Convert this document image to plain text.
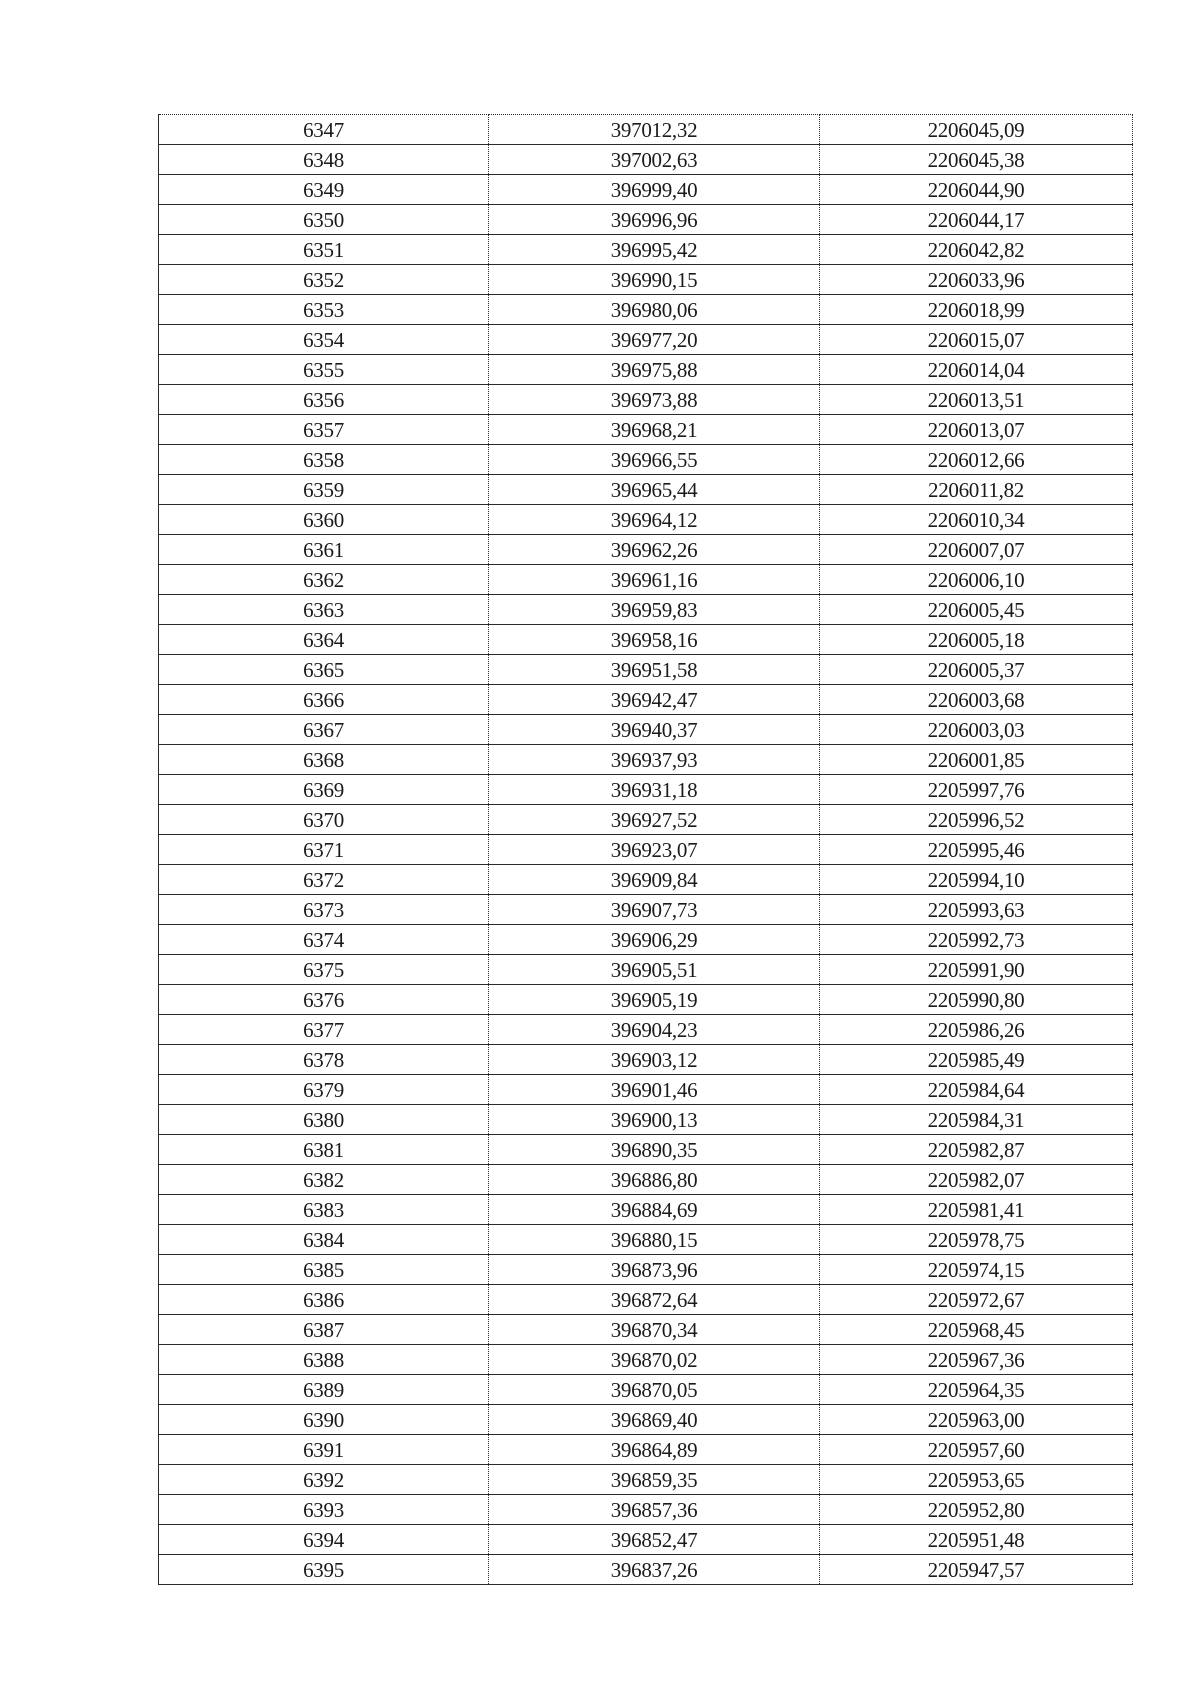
6347	397012,32	2206045,09
6348	397002,63	2206045,38
6349	396999,40	2206044,90
6350	396996,96	2206044,17
6351	396995,42	2206042,82
6352	396990,15	2206033,96
6353	396980,06	2206018,99
6354	396977,20	2206015,07
6355	396975,88	2206014,04
6356	396973,88	2206013,51
6357	396968,21	2206013,07
6358	396966,55	2206012,66
6359	396965,44	2206011,82
6360	396964,12	2206010,34
6361	396962,26	2206007,07
6362	396961,16	2206006,10
6363	396959,83	2206005,45
6364	396958,16	2206005,18
6365	396951,58	2206005,37
6366	396942,47	2206003,68
6367	396940,37	2206003,03
6368	396937,93	2206001,85
6369	396931,18	2205997,76
6370	396927,52	2205996,52
6371	396923,07	2205995,46
6372	396909,84	2205994,10
6373	396907,73	2205993,63
6374	396906,29	2205992,73
6375	396905,51	2205991,90
6376	396905,19	2205990,80
6377	396904,23	2205986,26
6378	396903,12	2205985,49
6379	396901,46	2205984,64
6380	396900,13	2205984,31
6381	396890,35	2205982,87
6382	396886,80	2205982,07
6383	396884,69	2205981,41
6384	396880,15	2205978,75
6385	396873,96	2205974,15
6386	396872,64	2205972,67
6387	396870,34	2205968,45
6388	396870,02	2205967,36
6389	396870,05	2205964,35
6390	396869,40	2205963,00
6391	396864,89	2205957,60
6392	396859,35	2205953,65
6393	396857,36	2205952,80
6394	396852,47	2205951,48
6395	396837,26	2205947,57
